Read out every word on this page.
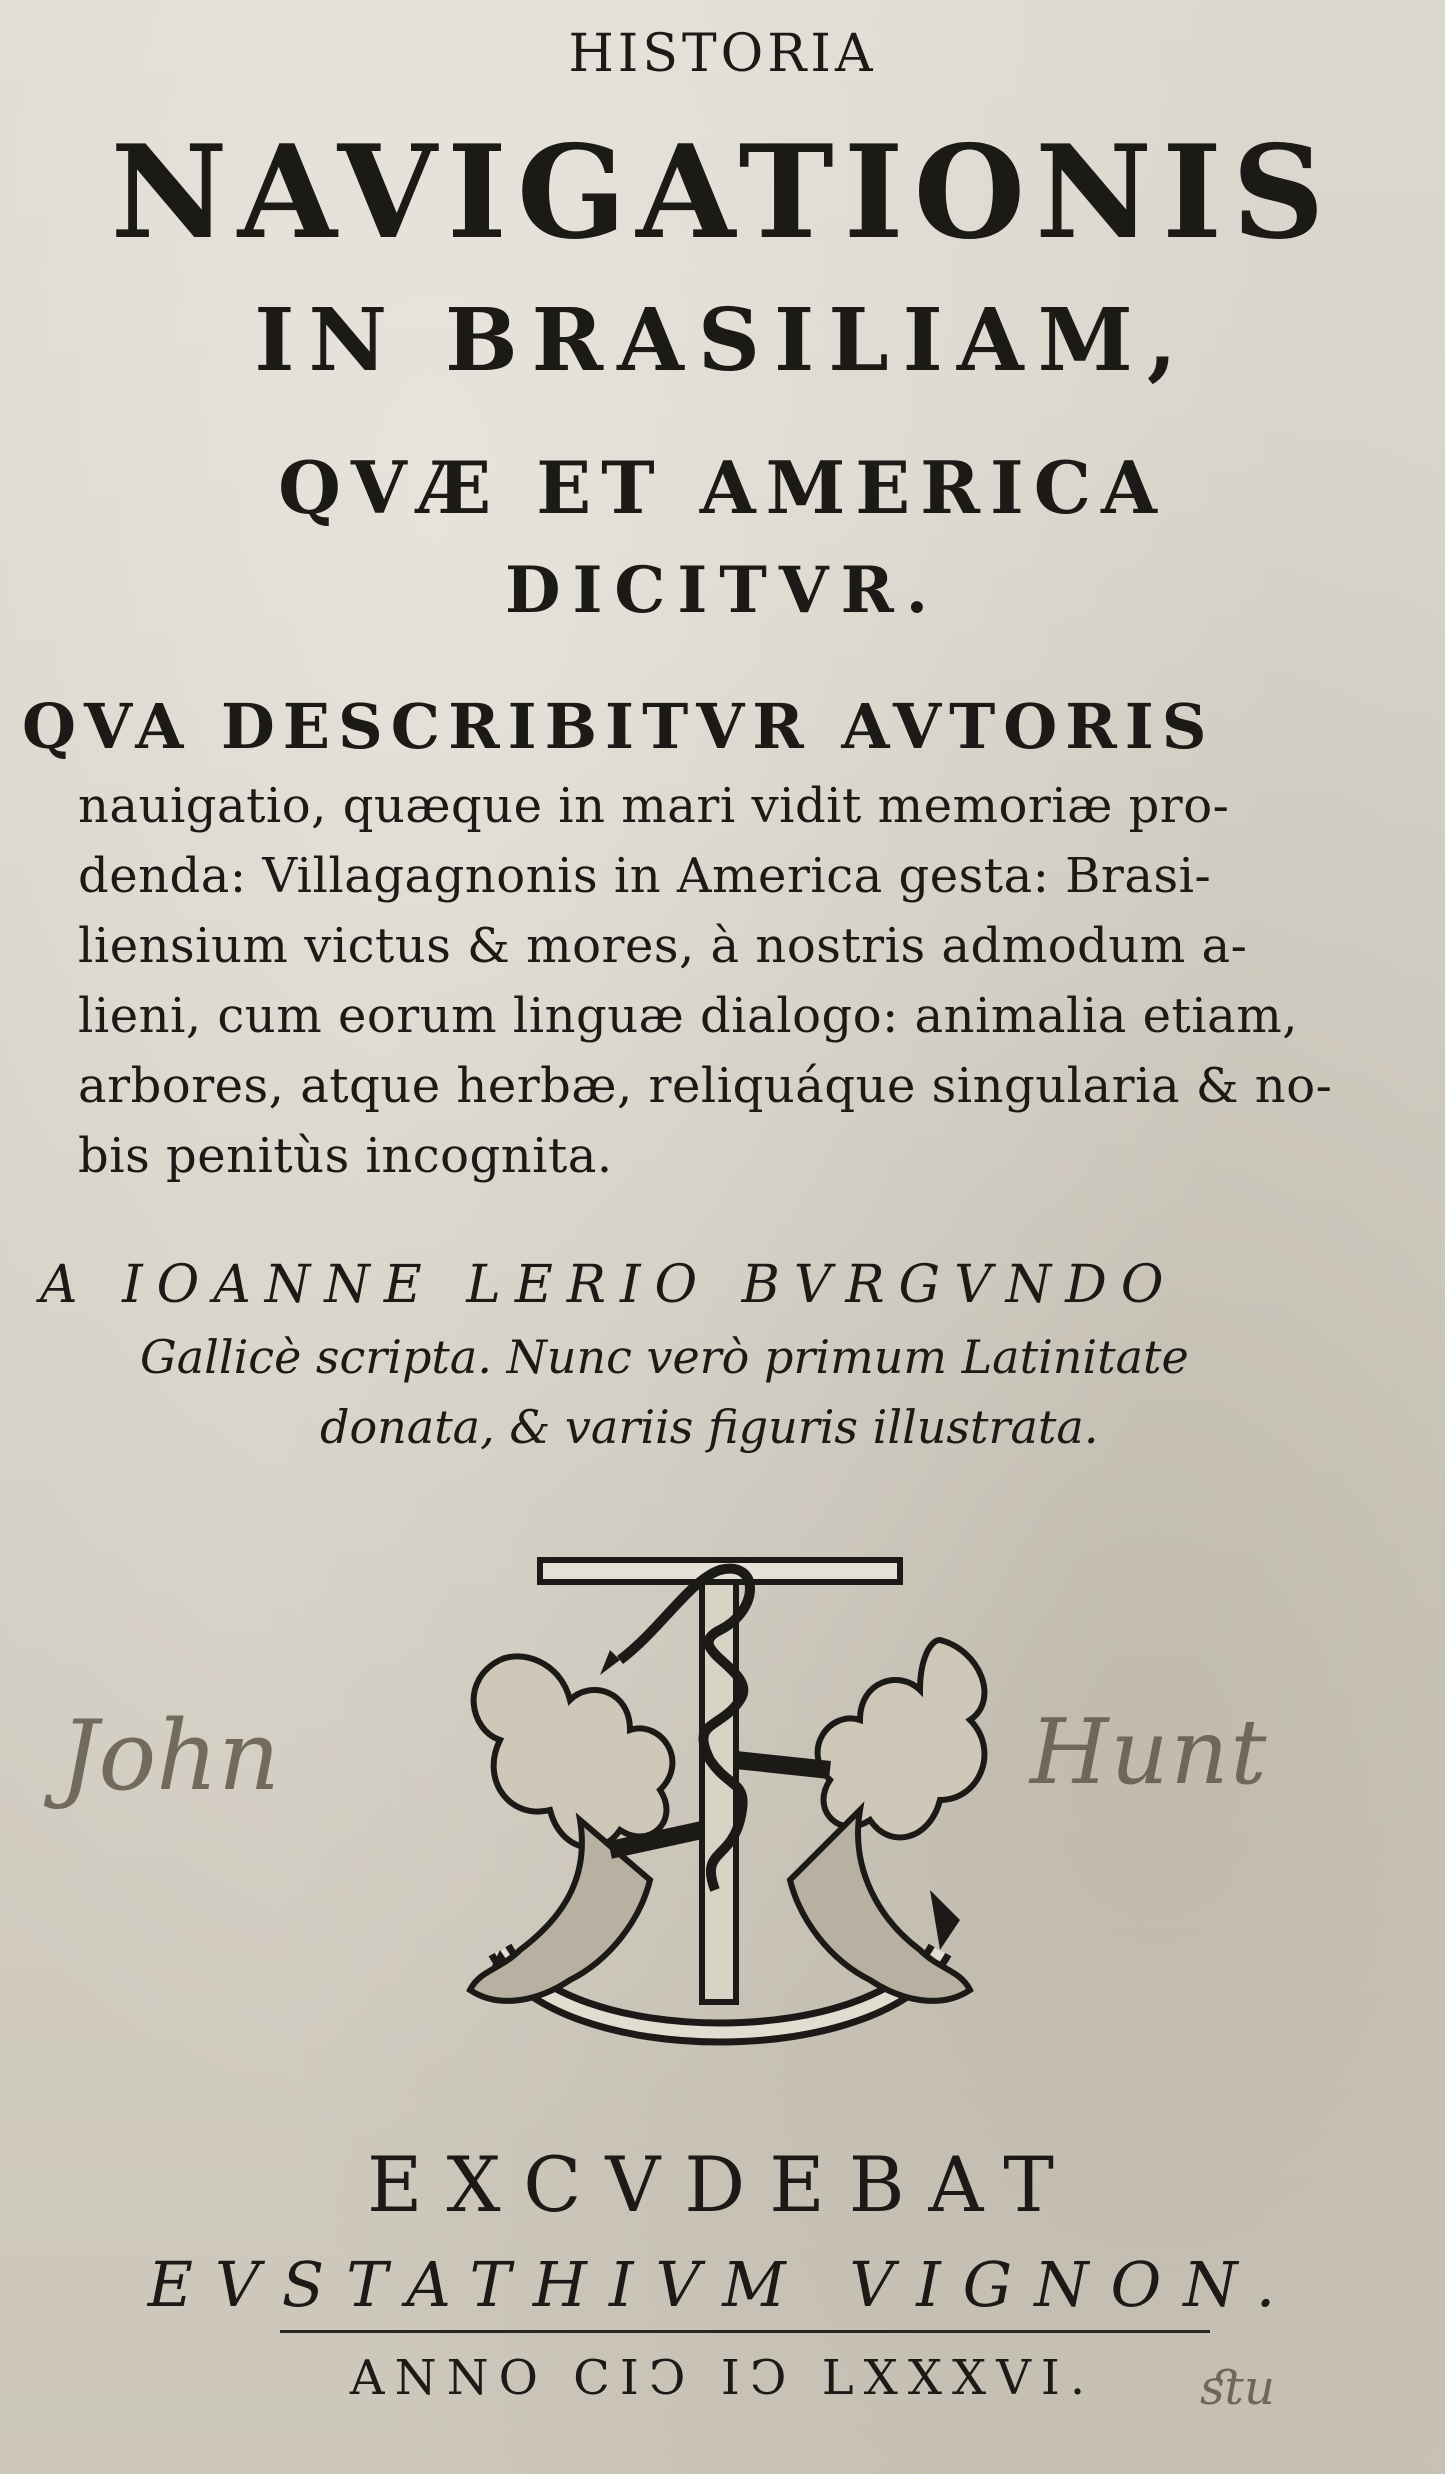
HISTORIA
NAVIGATIONIS
IN BRASILIAM,
QVÆ ET AMERICA
DICITVR.
QVA DESCRIBITVR AVTORIS
nauigatio, quæque in mari vidit memoriæ pro-
denda: Villagagnonis in America gesta: Brasi-
liensium victus & mores, à nostris admodum a-
lieni, cum eorum linguæ dialogo: animalia etiam,
arbores, atque herbæ, reliquáque singularia & no-
bis penitùs incognita.
A IOANNE LERIO BVRGVNDO
Gallicè scripta. Nunc verò primum Latinitate
donata, & variis figuris illustrata.
John	Hunt
ﬆu
EXCVDEBAT
EVSTATHIVM VIGNON.
ANNO CIϽ IϽ LXXXVI.
